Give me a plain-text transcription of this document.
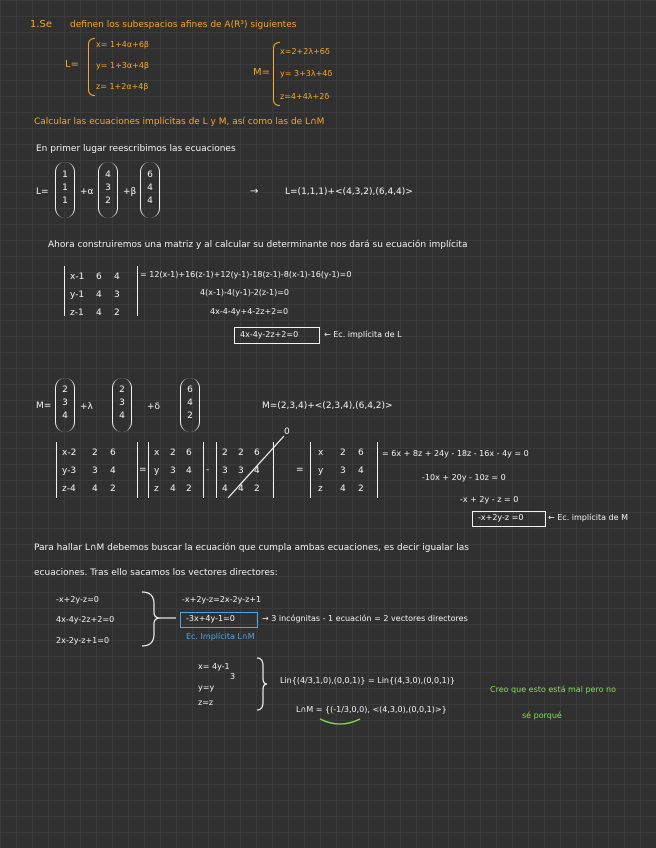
1.Se definen los subespacios afines de A(R³) siguientes
L=
x= 1+4α+6β
y= 1+3α+4β
z= 1+2α+4β
M=
x=2+2λ+6δ
y= 3+3λ+4δ
z=4+4λ+2δ
Calcular las ecuaciones implícitas de L y M, así como las de L∩M
En primer lugar reescribimos las ecuaciones
L=
1
1
1
+α
4
3
2
+β
6
4
4
→	L=(1,1,1)+<(4,3,2),(6,4,4)>
Ahora construiremos una matriz y al calcular su determinante nos dará su ecuación implícita
x-1	6	4
y-1	4	3
z-1	4	2
= 12(x-1)+16(z-1)+12(y-1)-18(z-1)-8(x-1)-16(y-1)=0
4(x-1)-4(y-1)-2(z-1)=0
4x-4-4y+4-2z+2=0
4x-4y-2z+2=0	← Ec. implícita de L
M=
2
3
4
+λ
2
3
4
+δ
6
4
2
M=(2,3,4)+<(2,3,4),(6,4,2)>
x-2	2	6
y-3	3	4
z-4	4	2
=
x	2	6
y	3	4
z	4	2
-
2	2	6
3	3	4
4	4	2
0
=
x	2	6
y	3	4
z	4	2
= 6x + 8z + 24y - 18z - 16x - 4y = 0
-10x + 20y - 10z = 0
-x + 2y - z = 0
-x+2y-z =0	← Ec. implícita de M
Para hallar L∩M debemos buscar la ecuación que cumpla ambas ecuaciones, es decir igualar las
ecuaciones. Tras ello sacamos los vectores directores:
-x+2y-z=0
4x-4y-2z+2=0
2x-2y-z+1=0
-x+2y-z=2x-2y-z+1
-3x+4y-1=0
Ec. Implícita L∩M
→ 3 incógnitas - 1 ecuación = 2 vectores directores
x= 4y-1
3
y=y
z=z
Lin{(4/3,1,0),(0,0,1)} = Lin{(4,3,0),(0,0,1)}
L∩M = {(-1/3,0,0), <(4,3,0),(0,0,1)>}
Creo que esto está mal pero no
sé porqué
